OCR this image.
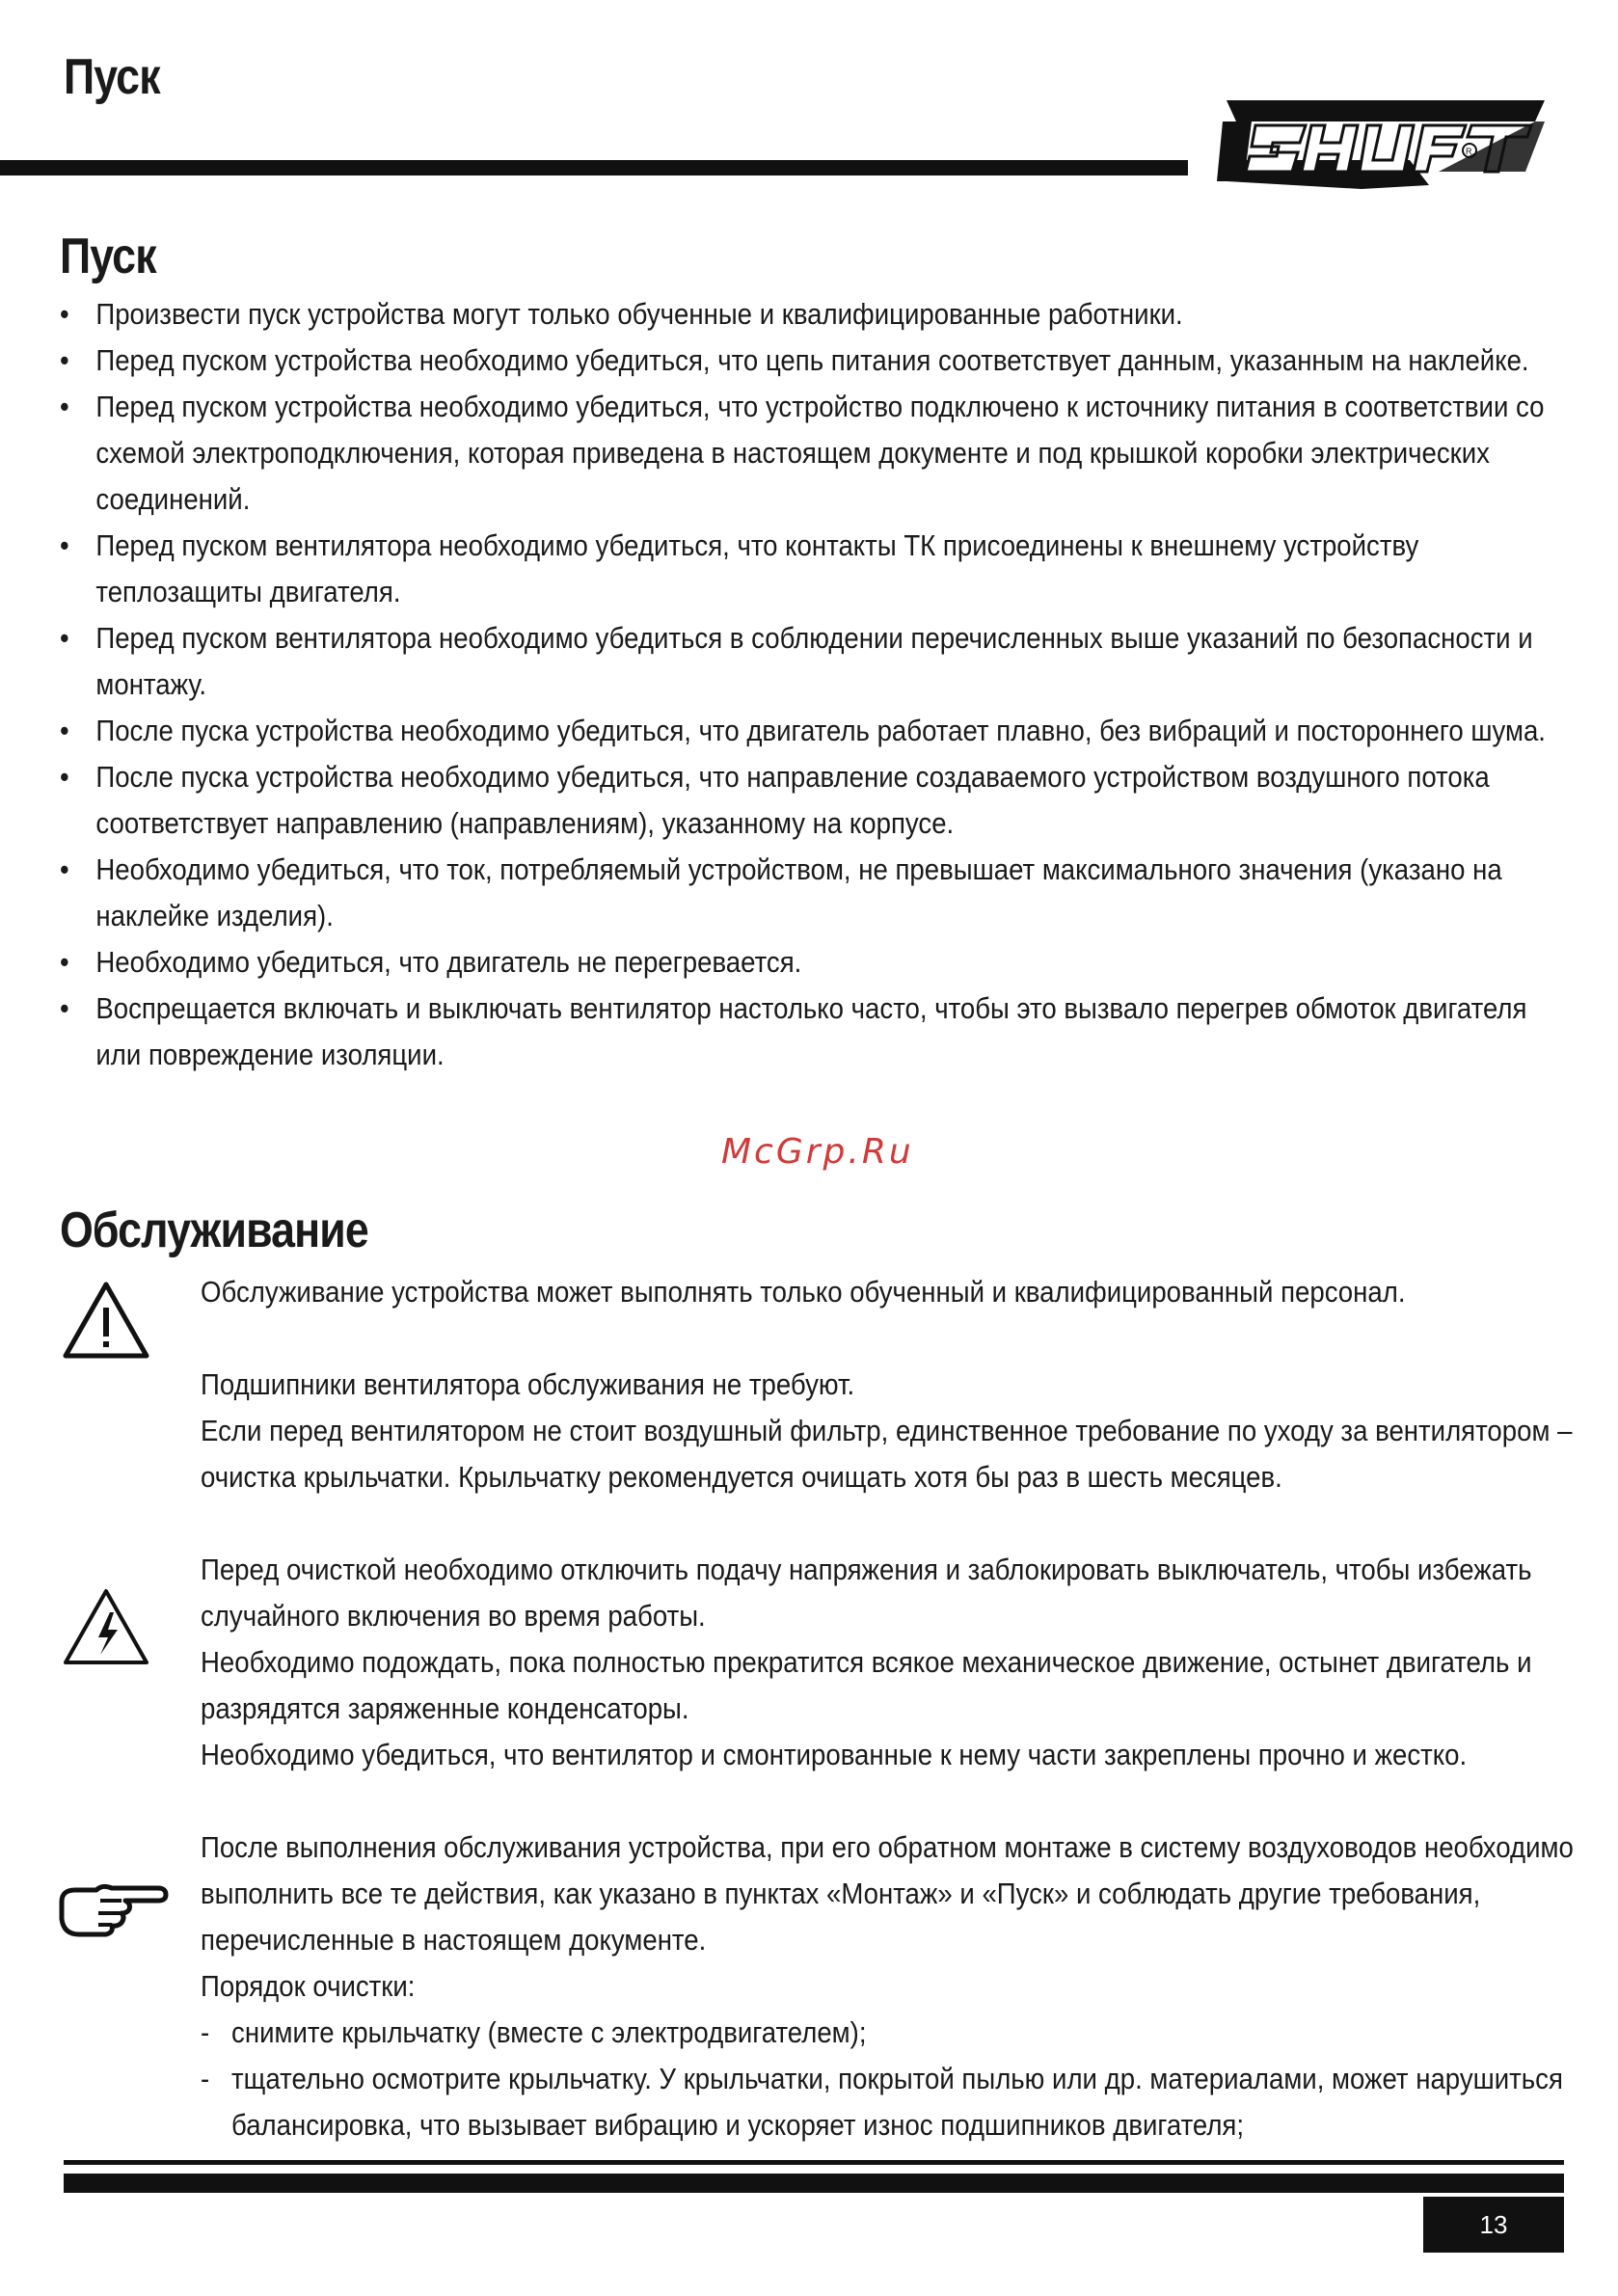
Пуск
R
Пуск
• Произвести пуск устройства могут только обученные и квалифицированные работники.
• Перед пуском устройства необходимо убедиться, что цепь питания соответствует данным, указанным на наклейке.
• Перед пуском устройства необходимо убедиться, что устройство подключено к источнику питания в соответствии со схемой электроподключения, которая приведена в настоящем документе и под крышкой коробки электрических соединений.
• Перед пуском вентилятора необходимо убедиться, что контакты ТК присоединены к внешнему устройству теплозащиты двигателя.
• Перед пуском вентилятора необходимо убедиться в соблюдении перечисленных выше указаний по безопасности и монтажу.
• После пуска устройства необходимо убедиться, что двигатель работает плавно, без вибраций и постороннего шума.
• После пуска устройства необходимо убедиться, что направление создаваемого устройством воздушного потока соответствует направлению (направлениям), указанному на корпусе.
• Необходимо убедиться, что ток, потребляемый устройством, не превышает максимального значения (указано на наклейке изделия).
• Необходимо убедиться, что двигатель не перегревается.
• Воспрещается включать и выключать вентилятор настолько часто, чтобы это вызвало перегрев обмоток двигателя или повреждение изоляции.
McGrp.Ru
Обслуживание

Обслуживание устройства может выполнять только обученный и квалифицированный персонал.

Подшипники вентилятора обслуживания не требуют.

Если перед вентилятором не стоит воздушный фильтр, единственное требование по уходу за вентилятором – очистка крыльчатки. Крыльчатку рекомендуется очищать хотя бы раз в шесть месяцев.

Перед очисткой необходимо отключить подачу напряжения и заблокировать выключатель, чтобы избежать случайного включения во время работы.

Необходимо подождать, пока полностью прекратится всякое механическое движение, остынет двигатель и разрядятся заряженные конденсаторы.

Необходимо убедиться, что вентилятор и смонтированные к нему части закреплены прочно и жестко.

После выполнения обслуживания устройства, при его обратном монтаже в систему воздуховодов необходимо выполнить все те действия, как указано в пунктах «Монтаж» и «Пуск» и соблюдать другие требования, перечисленные в настоящем документе.

Порядок очистки:

- снимите крыльчатку (вместе с электродвигателем);
- тщательно осмотрите крыльчатку. У крыльчатки, покрытой пылью или др. материалами, может нарушиться балансировка, что вызывает вибрацию и ускоряет износ подшипников двигателя;
13
